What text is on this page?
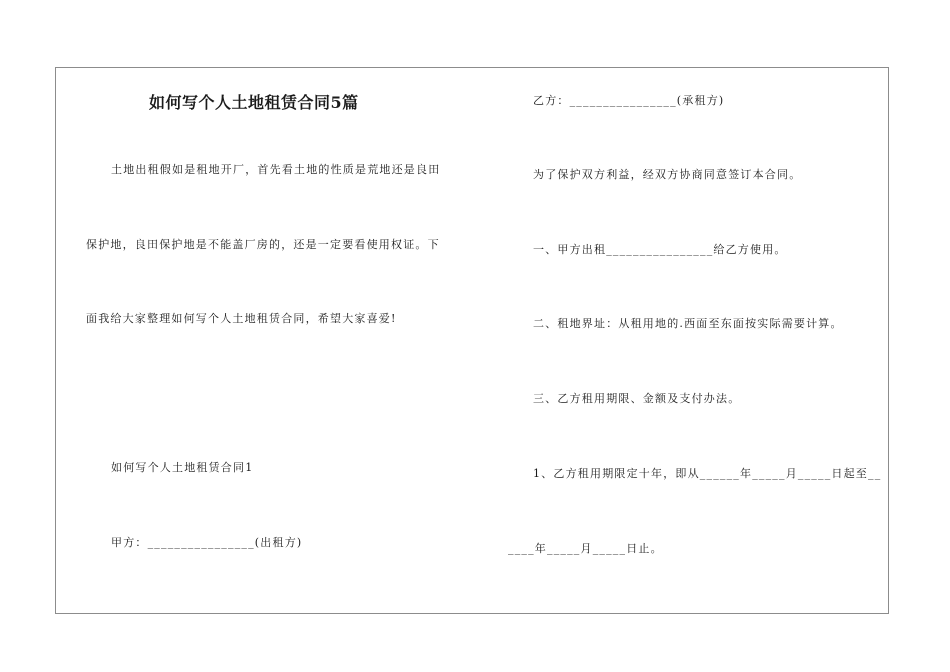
如何写个人土地租赁合同5篇
土地出租假如是租地开厂，首先看土地的性质是荒地还是良田
保护地，良田保护地是不能盖厂房的，还是一定要看使用权证。下
面我给大家整理如何写个人土地租赁合同，希望大家喜爱!
如何写个人土地租赁合同1
甲方：________________(出租方)
乙方：________________(承租方)
为了保护双方利益，经双方协商同意签订本合同。
一、甲方出租________________给乙方使用。
二、租地界址：从租用地的.西面至东面按实际需要计算。
三、乙方租用期限、金额及支付办法。
1、乙方租用期限定十年，即从______年_____月_____日起至__
____年_____月_____日止。
